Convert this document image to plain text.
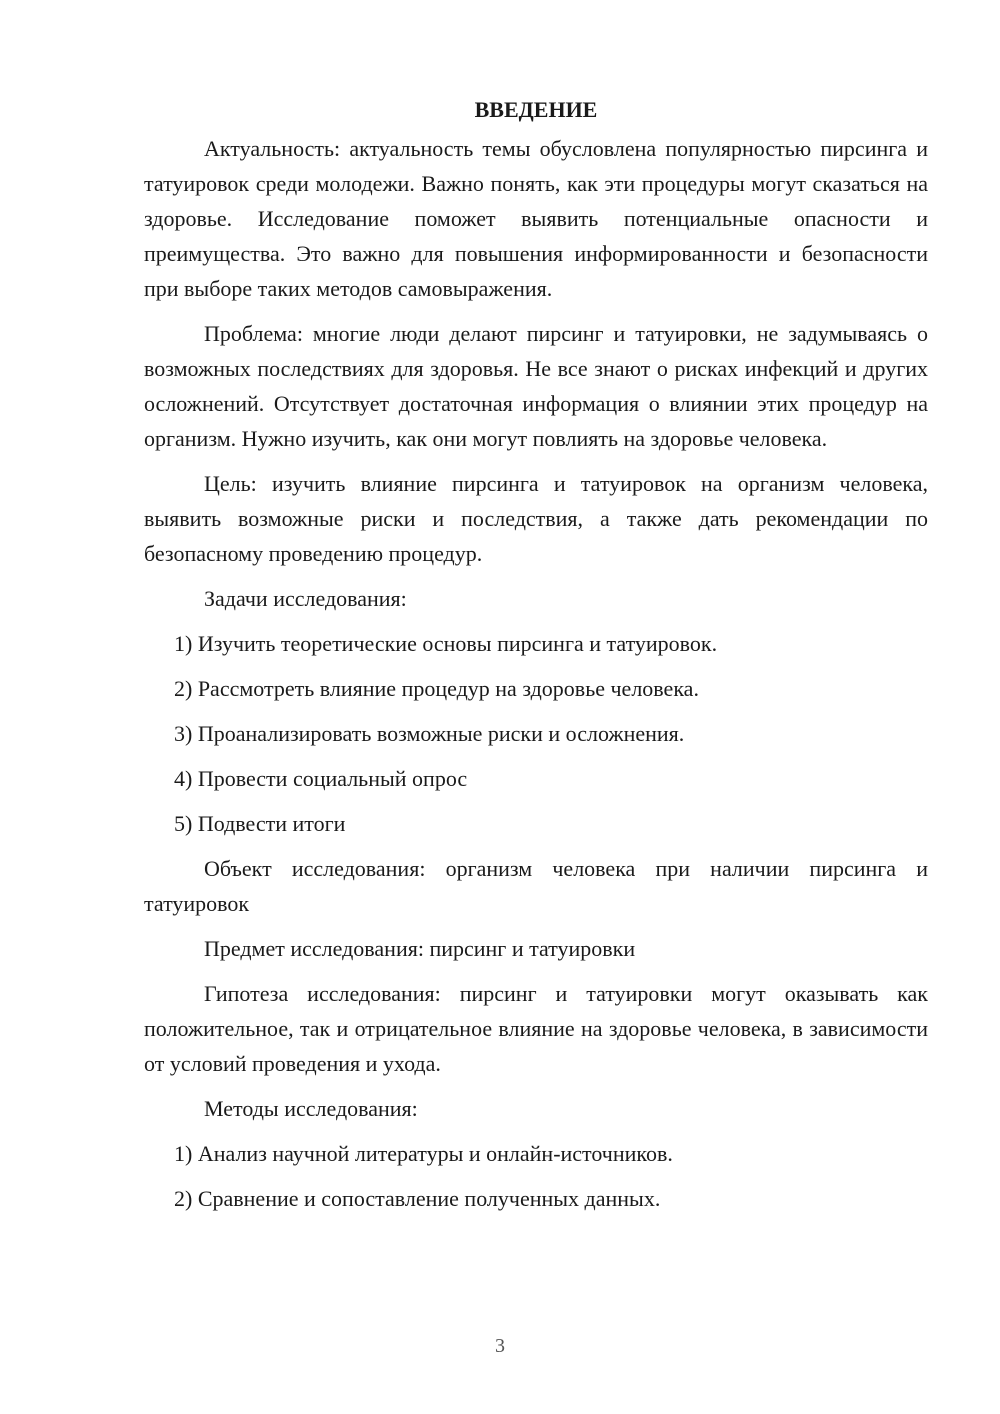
ВВЕДЕНИЕ

Актуальность: актуальность темы обусловлена популярностью пирсинга и татуировок среди молодежи. Важно понять, как эти процедуры могут сказаться на здоровье. Исследование поможет выявить потенциальные опасности и преимущества. Это важно для повышения информированности и безопасности при выборе таких методов самовыражения.

Проблема: многие люди делают пирсинг и татуировки, не задумываясь о возможных последствиях для здоровья. Не все знают о рисках инфекций и других осложнений. Отсутствует достаточная информация о влиянии этих процедур на организм. Нужно изучить, как они могут повлиять на здоровье человека.

Цель: изучить влияние пирсинга и татуировок на организм человека, выявить возможные риски и последствия, а также дать рекомендации по безопасному проведению процедур.

Задачи исследования:
1) Изучить теоретические основы пирсинга и татуировок.
2) Рассмотреть влияние процедур на здоровье человека.
3) Проанализировать возможные риски и осложнения.
4) Провести социальный опрос
5) Подвести итоги

Объект исследования: организм человека при наличии пирсинга и татуировок

Предмет исследования: пирсинг и татуировки

Гипотеза исследования: пирсинг и татуировки могут оказывать как положительное, так и отрицательное влияние на здоровье человека, в зависимости от условий проведения и ухода.

Методы исследования:
1) Анализ научной литературы и онлайн-источников.
2) Сравнение и сопоставление полученных данных.
3
